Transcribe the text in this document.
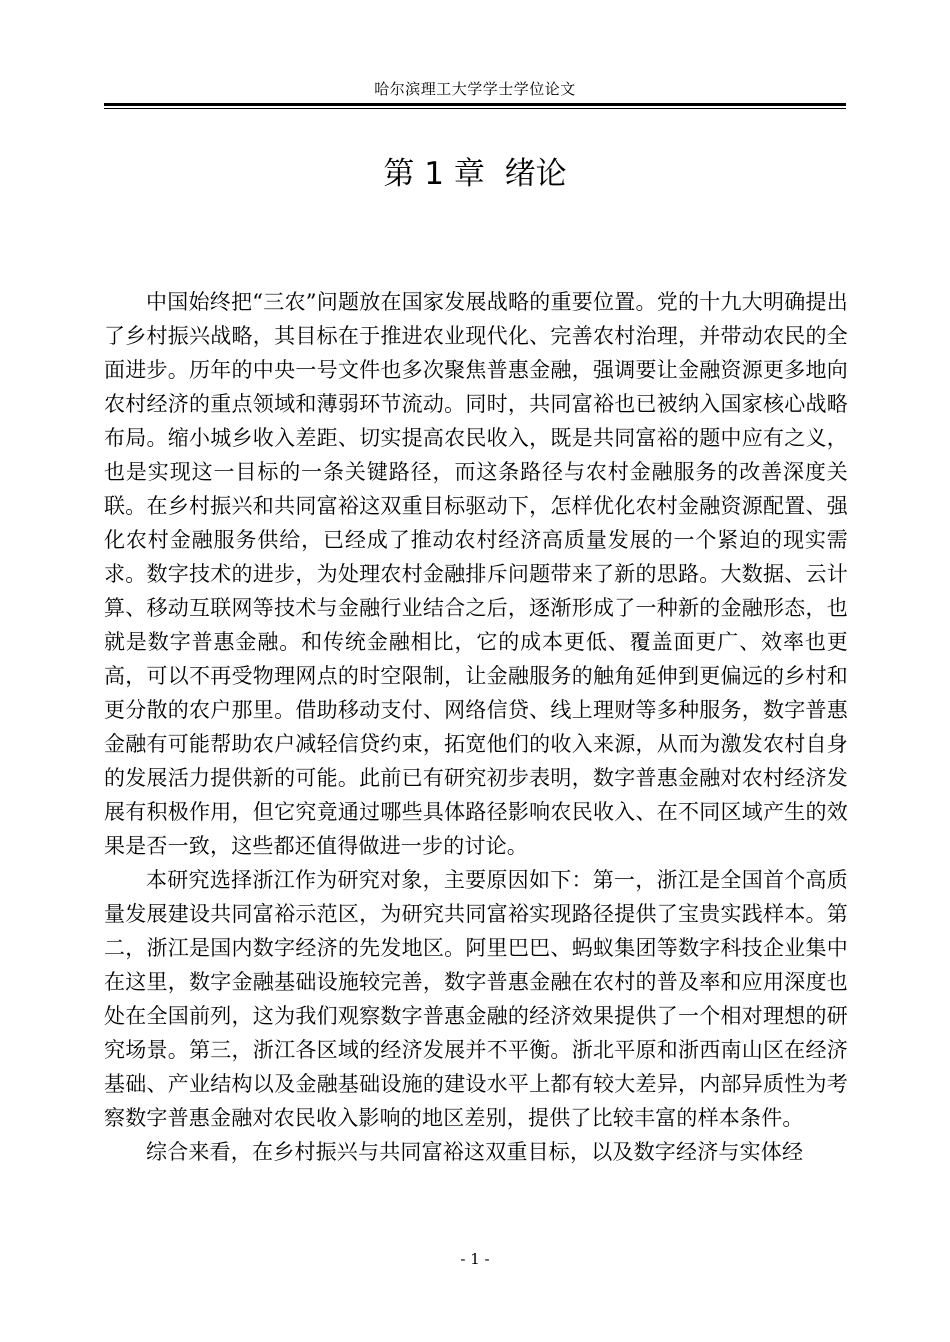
哈尔滨理工大学学士学位论文
第 1 章 绪论

中国始终把“三农”问题放在国家发展战略的重要位置。党的十九大明确提出了乡村振兴战略，其目标在于推进农业现代化、完善农村治理，并带动农民的全面进步。历年的中央一号文件也多次聚焦普惠金融，强调要让金融资源更多地向农村经济的重点领域和薄弱环节流动。同时，共同富裕也已被纳入国家核心战略布局。缩小城乡收入差距、切实提高农民收入，既是共同富裕的题中应有之义，也是实现这一目标的一条关键路径，而这条路径与农村金融服务的改善深度关联。在乡村振兴和共同富裕这双重目标驱动下，怎样优化农村金融资源配置、强化农村金融服务供给，已经成了推动农村经济高质量发展的一个紧迫的现实需求。数字技术的进步，为处理农村金融排斥问题带来了新的思路。大数据、云计算、移动互联网等技术与金融行业结合之后，逐渐形成了一种新的金融形态，也就是数字普惠金融。和传统金融相比，它的成本更低、覆盖面更广、效率也更高，可以不再受物理网点的时空限制，让金融服务的触角延伸到更偏远的乡村和更分散的农户那里。借助移动支付、网络信贷、线上理财等多种服务，数字普惠金融有可能帮助农户减轻信贷约束，拓宽他们的收入来源，从而为激发农村自身的发展活力提供新的可能。此前已有研究初步表明，数字普惠金融对农村经济发展有积极作用，但它究竟通过哪些具体路径影响农民收入、在不同区域产生的效果是否一致，这些都还值得做进一步的讨论。

本研究选择浙江作为研究对象，主要原因如下：第一，浙江是全国首个高质量发展建设共同富裕示范区，为研究共同富裕实现路径提供了宝贵实践样本。第二，浙江是国内数字经济的先发地区。阿里巴巴、蚂蚁集团等数字科技企业集中在这里，数字金融基础设施较完善，数字普惠金融在农村的普及率和应用深度也处在全国前列，这为我们观察数字普惠金融的经济效果提供了一个相对理想的研究场景。第三，浙江各区域的经济发展并不平衡。浙北平原和浙西南山区在经济基础、产业结构以及金融基础设施的建设水平上都有较大差异，内部异质性为考察数字普惠金融对农民收入影响的地区差别，提供了比较丰富的样本条件。

综合来看，在乡村振兴与共同富裕这双重目标，以及数字经济与实体经

- 1 -
